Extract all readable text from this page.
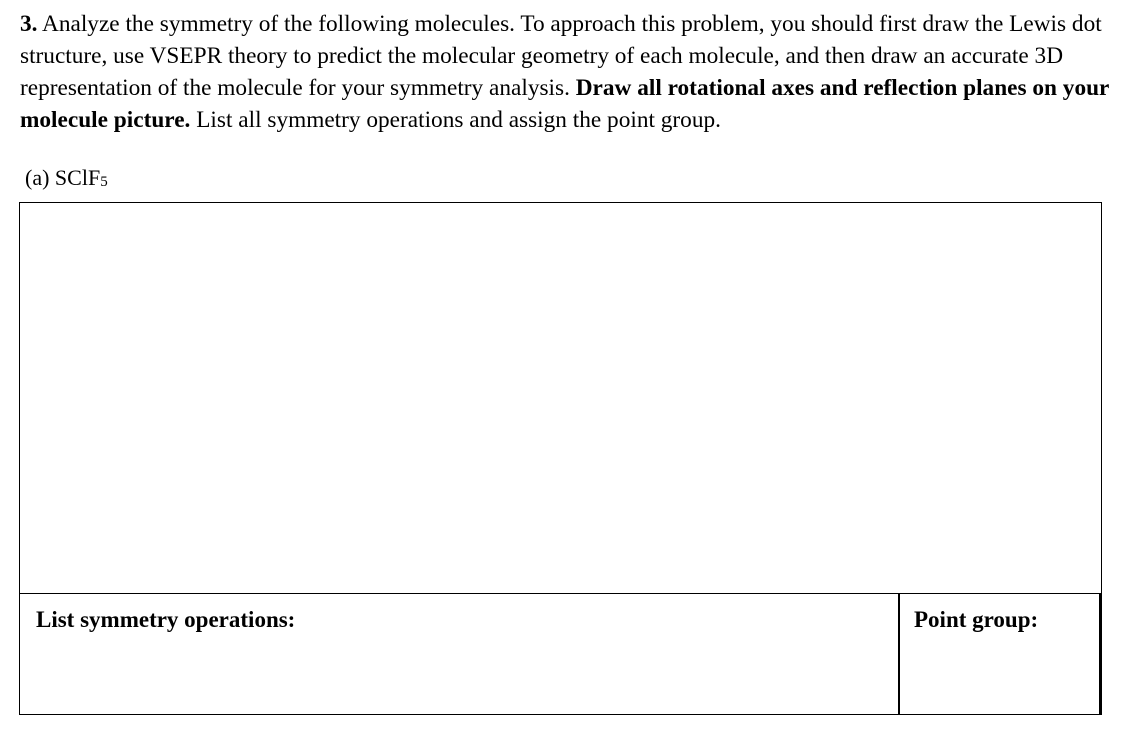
3. Analyze the symmetry of the following molecules. To approach this problem, you should first draw the Lewis dot structure, use VSEPR theory to predict the molecular geometry of each molecule, and then draw an accurate 3D representation of the molecule for your symmetry analysis. Draw all rotational axes and reflection planes on your molecule picture. List all symmetry operations and assign the point group.

(a) SClF$_5$

List symmetry operations:	Point group:
